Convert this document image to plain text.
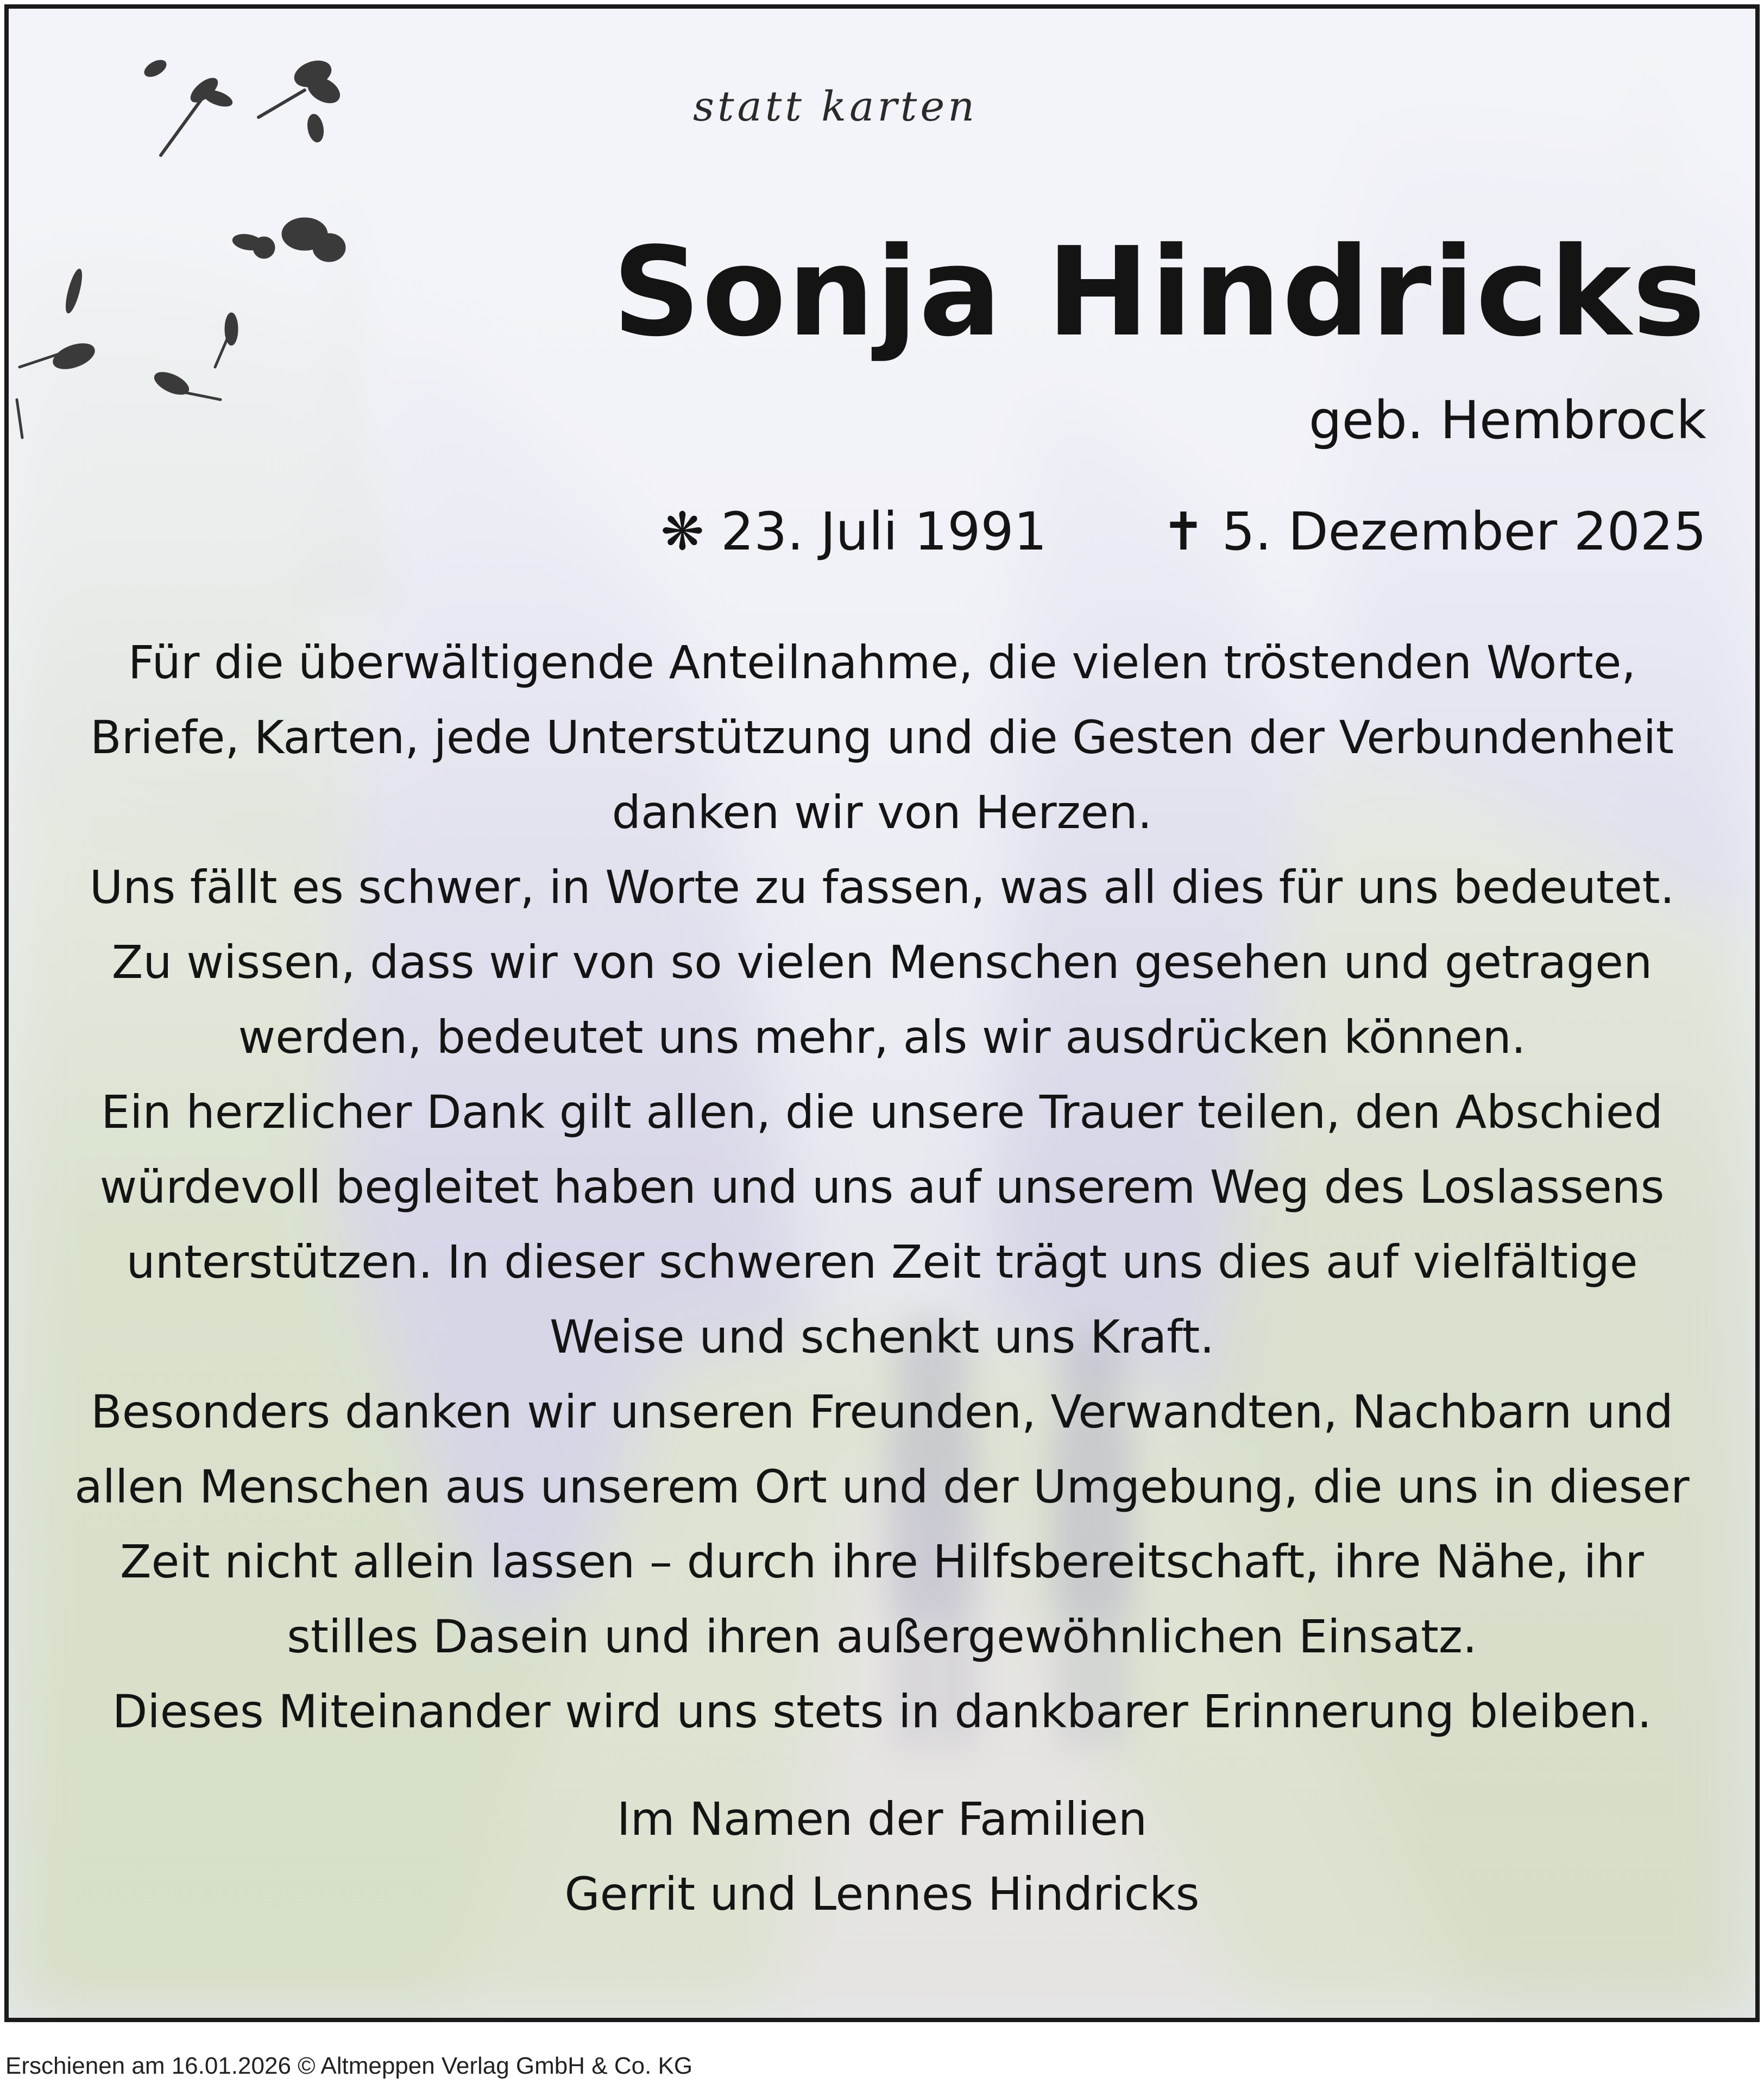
statt karten
Sonja Hindricks
geb. Hembrock
❋ 23. Juli 1991 ✝ 5. Dezember 2025
Für die überwältigende Anteilnahme, die vielen tröstenden Worte,
Briefe, Karten, jede Unterstützung und die Gesten der Verbundenheit
danken wir von Herzen.
Uns fällt es schwer, in Worte zu fassen, was all dies für uns bedeutet.
Zu wissen, dass wir von so vielen Menschen gesehen und getragen
werden, bedeutet uns mehr, als wir ausdrücken können.
Ein herzlicher Dank gilt allen, die unsere Trauer teilen, den Abschied
würdevoll begleitet haben und uns auf unserem Weg des Loslassens
unterstützen. In dieser schweren Zeit trägt uns dies auf vielfältige
Weise und schenkt uns Kraft.
Besonders danken wir unseren Freunden, Verwandten, Nachbarn und
allen Menschen aus unserem Ort und der Umgebung, die uns in dieser
Zeit nicht allein lassen – durch ihre Hilfsbereitschaft, ihre Nähe, ihr
stilles Dasein und ihren außergewöhnlichen Einsatz.
Dieses Miteinander wird uns stets in dankbarer Erinnerung bleiben.
Im Namen der Familien
Gerrit und Lennes Hindricks
Erschienen am 16.01.2026 © Altmeppen Verlag GmbH & Co. KG
